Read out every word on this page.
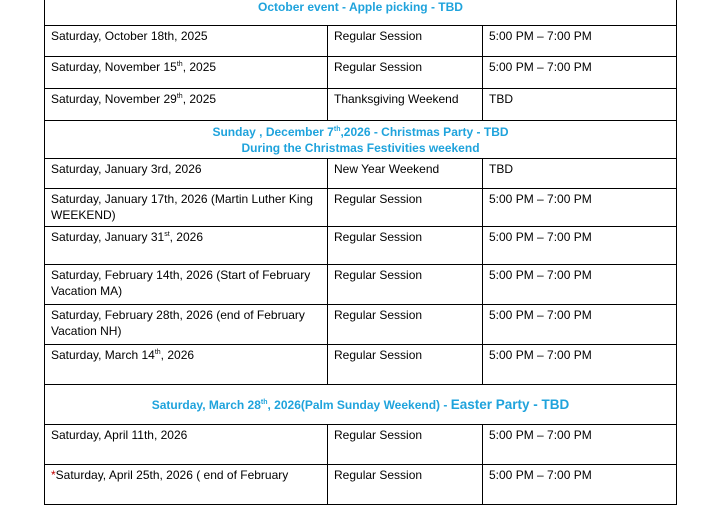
October event - Apple picking - TBD		
Saturday, October 18th, 2025	Regular Session	5:00 PM – 7:00 PM
Saturday, November 15th, 2025	Regular Session	5:00 PM – 7:00 PM
Saturday, November 29th, 2025	Thanksgiving Weekend	TBD

Sunday , December 7th,2026 - Christmas Party - TBD
During the Christmas Festivities weekend		

Saturday, January 3rd, 2026	New Year Weekend	TBD
Saturday, January 17th, 2026 (Martin Luther King WEEKEND)	Regular Session	5:00 PM – 7:00 PM
Saturday, January 31st, 2026	Regular Session	5:00 PM – 7:00 PM
Saturday, February 14th, 2026 (Start of February Vacation MA)	Regular Session	5:00 PM – 7:00 PM
Saturday, February 28th, 2026 (end of February Vacation NH)	Regular Session	5:00 PM – 7:00 PM
Saturday, March 14th, 2026	Regular Session	5:00 PM – 7:00 PM
Saturday, March 28th, 2026(Palm Sunday Weekend) - Easter Party - TBD		
Saturday, April 11th, 2026	Regular Session	5:00 PM – 7:00 PM
*Saturday, April 25th, 2026 ( end of February	Regular Session	5:00 PM – 7:00 PM
